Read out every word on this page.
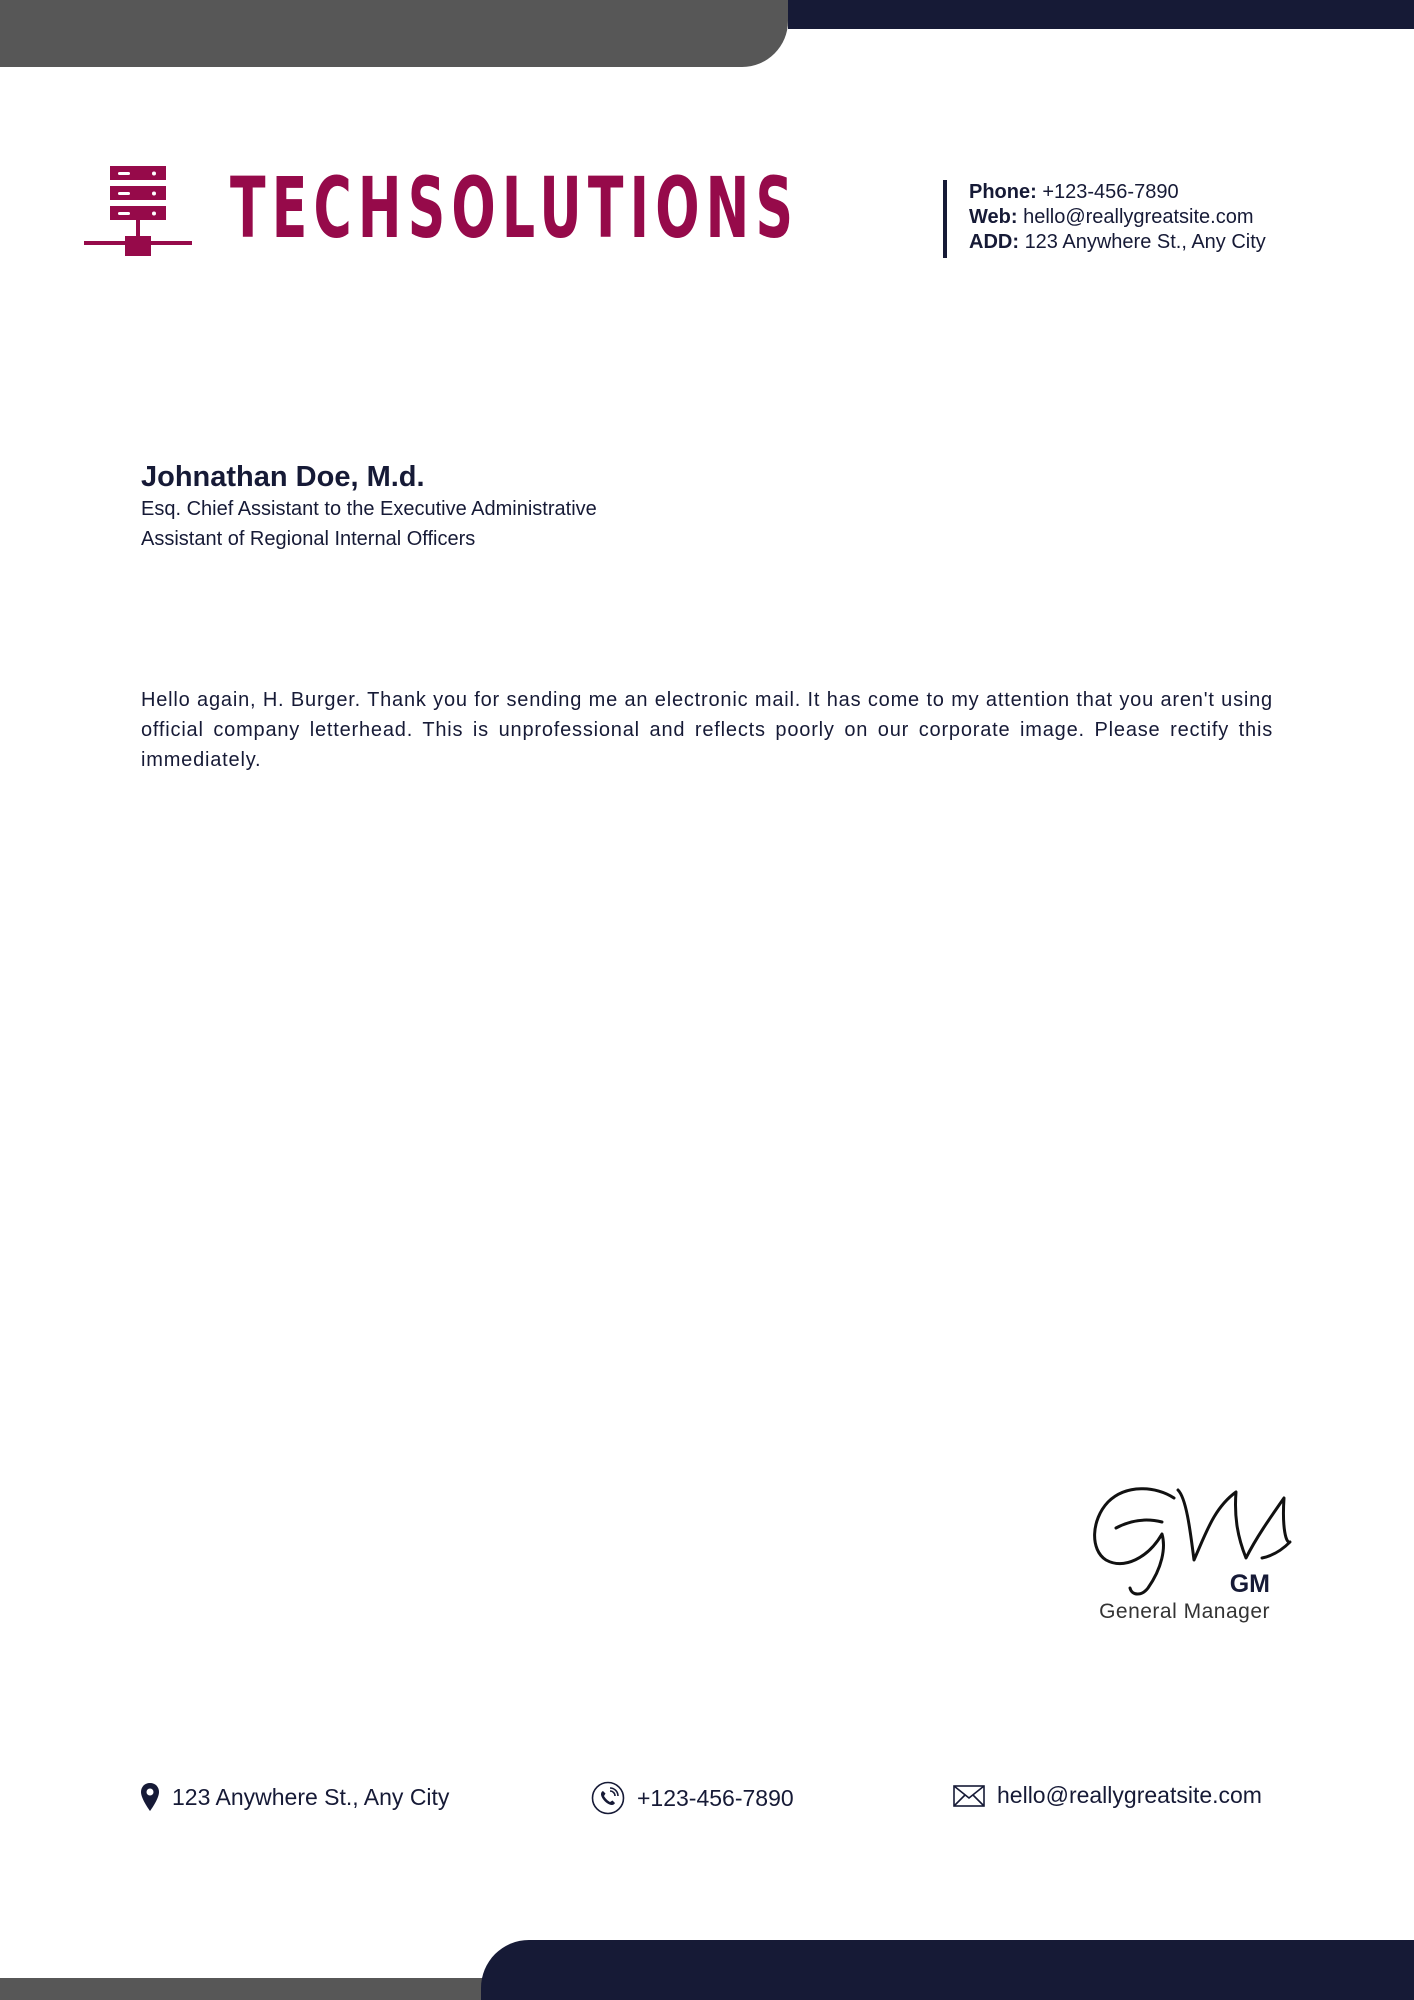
TECHSOLUTIONS	Phone: +123-456-7890
Web: hello@reallygreatsite.com
ADD: 123 Anywhere St., Any City
Johnathan Doe, M.d.
Esq. Chief Assistant to the Executive Administrative
Assistant of Regional Internal Officers
Hello again, H. Burger. Thank you for sending me an electronic mail. It has come to my attention that you aren't using official company letterhead. This is unprofessional and reflects poorly on our corporate image. Please rectify this immediately.
GM
General Manager
123 Anywhere St., Any City	+123-456-7890	hello@reallygreatsite.com
